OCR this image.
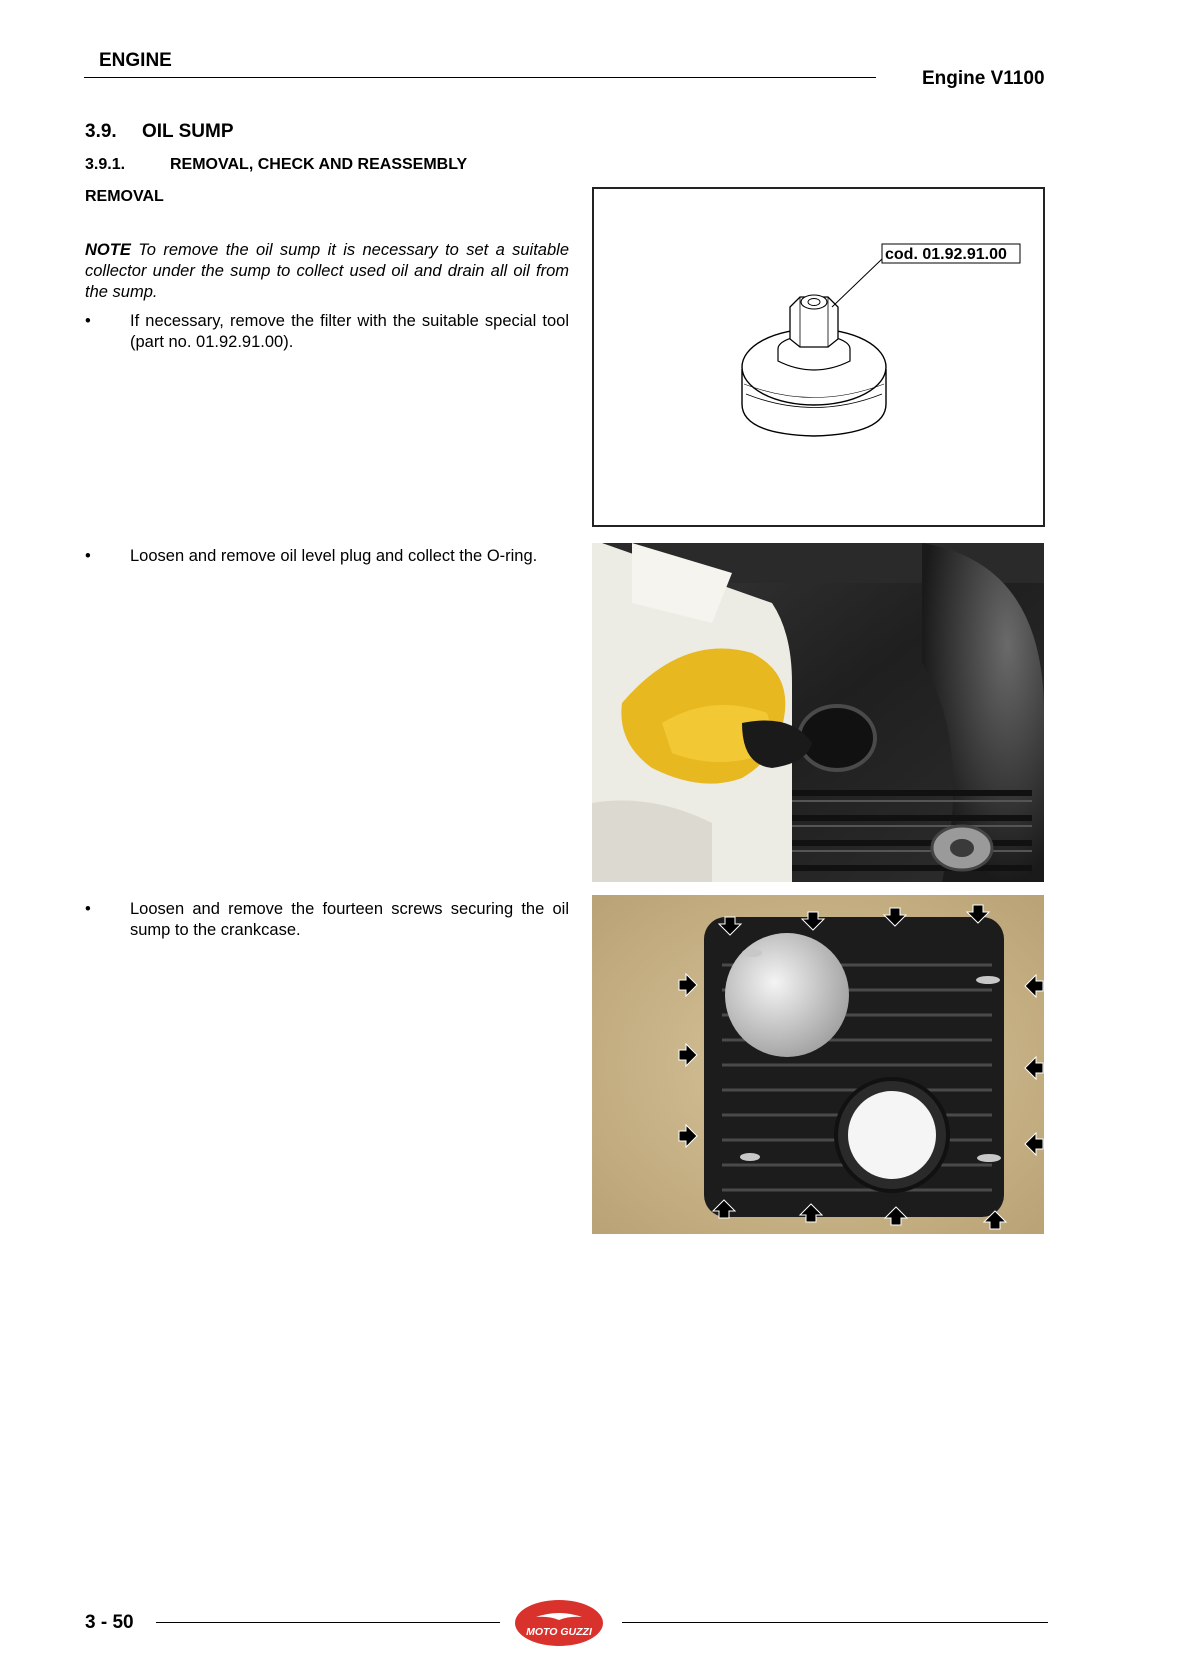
ENGINE
Engine V1100
3.9. OIL SUMP
3.9.1.	REMOVAL, CHECK AND REASSEMBLY
REMOVAL
NOTE To remove the oil sump it is necessary to set a suitable collector under the sump to collect used oil and drain all oil from the sump.
•	If necessary, remove the filter with the suitable special tool (part no. 01.92.91.00).
•	Loosen and remove oil level plug and collect the O-ring.
•	Loosen and remove the fourteen screws securing the oil sump to the crankcase.
cod. 01.92.91.00
3 - 50	MOTO GUZZI
